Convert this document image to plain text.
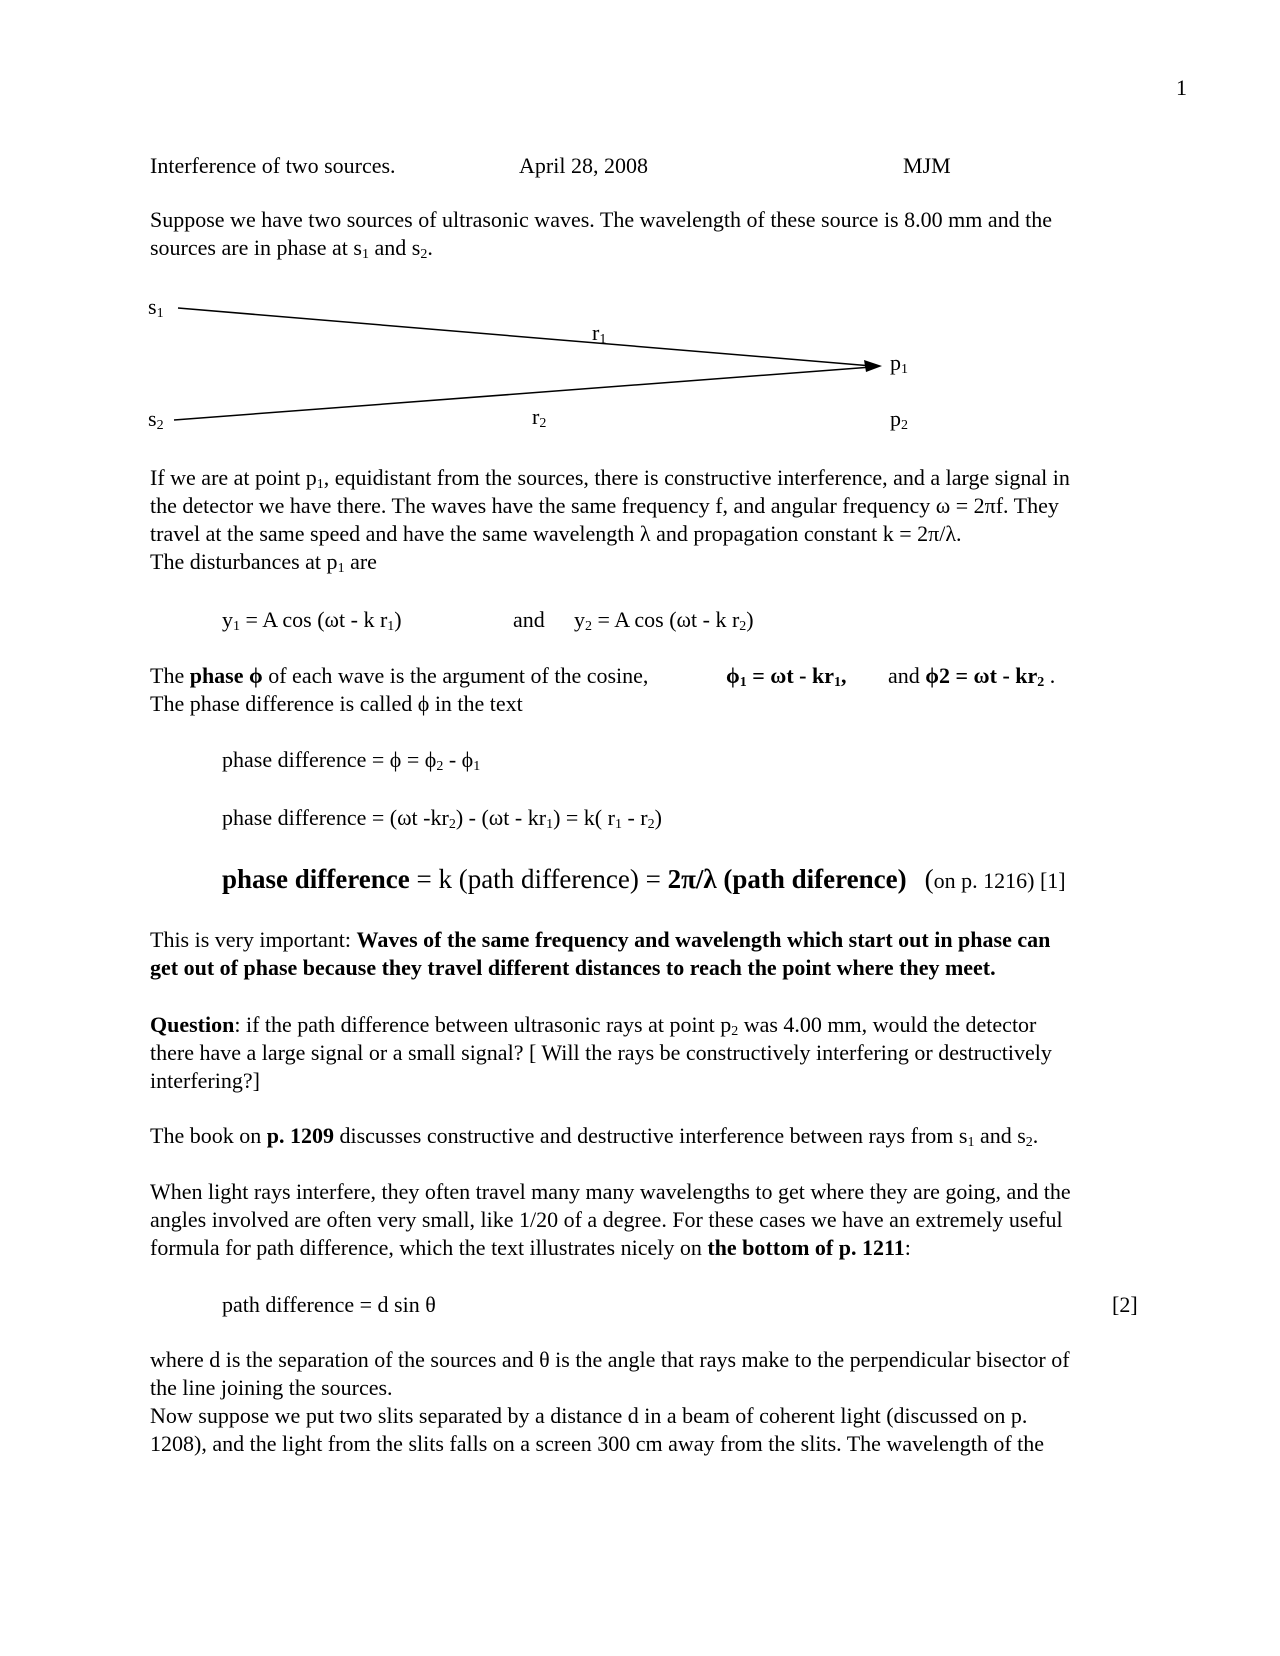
1
Interference of two sources.	April 28, 2008	MJM
Suppose we have two sources of ultrasonic waves. The wavelength of these source is 8.00 mm and the
sources are in phase at $s_1$ and $s_2$.
s1
s2
r1
r2
p1
p2
If we are at point $p_1$, equidistant from the sources, there is constructive interference, and a large signal in
the detector we have there. The waves have the same frequency f, and angular frequency ω = 2πf. They
travel at the same speed and have the same wavelength λ and propagation constant k = 2π/λ.
The disturbances at $p_1$ are
$y_1 = A$ cos (ωt - k $r_1$)	and $y_2 = A$ cos (ωt - k $r_2$)
The phase ϕ of each wave is the argument of the cosine,	$\phi_1 = \omega t - kr_1$, and $\phi 2 = \omega t - kr_2$ .
The phase difference is called ϕ in the text
phase difference = $\phi = \phi_2 - \phi_1$
phase difference = (ωt $-kr_2) - (\omega t - kr_1) = k$( $r_1 - r_2$)
phase difference = k (path difference) = 2π/λ (path diference) (on p. 1216) [1]
This is very important: Waves of the same frequency and wavelength which start out in phase can
get out of phase because they travel different distances to reach the point where they meet.
Question: if the path difference between ultrasonic rays at point $p_2$ was 4.00 mm, would the detector
there have a large signal or a small signal? [ Will the rays be constructively interfering or destructively
interfering?]
The book on p. 1209 discusses constructive and destructive interference between rays from $s_1$ and $s_2$.
When light rays interfere, they often travel many many wavelengths to get where they are going, and the
angles involved are often very small, like 1/20 of a degree. For these cases we have an extremely useful
formula for path difference, which the text illustrates nicely on the bottom of p. 1211:
path difference = d sin θ	[2]
where d is the separation of the sources and θ is the angle that rays make to the perpendicular bisector of
the line joining the sources.
Now suppose we put two slits separated by a distance d in a beam of coherent light (discussed on p.
1208), and the light from the slits falls on a screen 300 cm away from the slits. The wavelength of the
